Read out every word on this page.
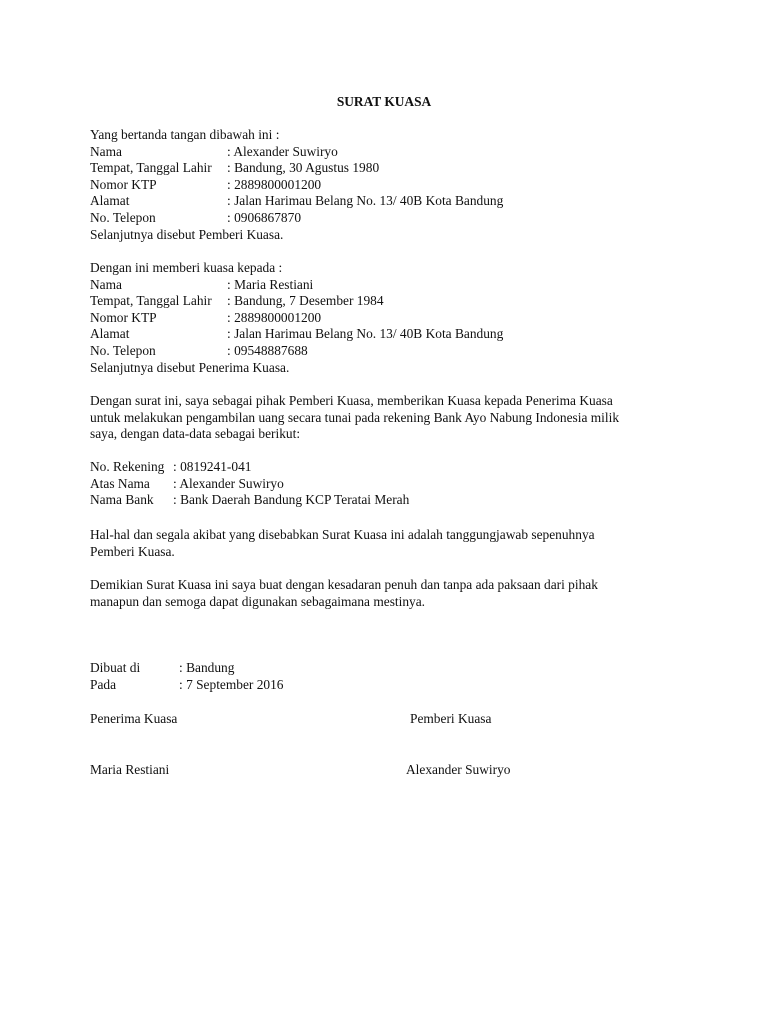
SURAT KUASA
Yang bertanda tangan dibawah ini :
Nama	: Alexander Suwiryo
Tempat, Tanggal Lahir : Bandung, 30 Agustus 1980
Nomor KTP	: 2889800001200
Alamat	: Jalan Harimau Belang No. 13/ 40B Kota Bandung
No. Telepon	: 0906867870
Selanjutnya disebut Pemberi Kuasa.
Dengan ini memberi kuasa kepada :
Nama	: Maria Restiani
Tempat, Tanggal Lahir : Bandung, 7 Desember 1984
Nomor KTP	: 2889800001200
Alamat	: Jalan Harimau Belang No. 13/ 40B Kota Bandung
No. Telepon	: 09548887688
Selanjutnya disebut Penerima Kuasa.
Dengan surat ini, saya sebagai pihak Pemberi Kuasa, memberikan Kuasa kepada Penerima Kuasa
untuk melakukan pengambilan uang secara tunai pada rekening Bank Ayo Nabung Indonesia milik
saya, dengan data-data sebagai berikut:
No. Rekening : 0819241-041
Atas Nama : Alexander Suwiryo
Nama Bank : Bank Daerah Bandung KCP Teratai Merah
Hal-hal dan segala akibat yang disebabkan Surat Kuasa ini adalah tanggungjawab sepenuhnya
Pemberi Kuasa.
Demikian Surat Kuasa ini saya buat dengan kesadaran penuh dan tanpa ada paksaan dari pihak
manapun dan semoga dapat digunakan sebagaimana mestinya.
Dibuat di	: Bandung
Pada	: 7 September 2016
Penerima Kuasa	Pemberi Kuasa
Maria Restiani	Alexander Suwiryo
